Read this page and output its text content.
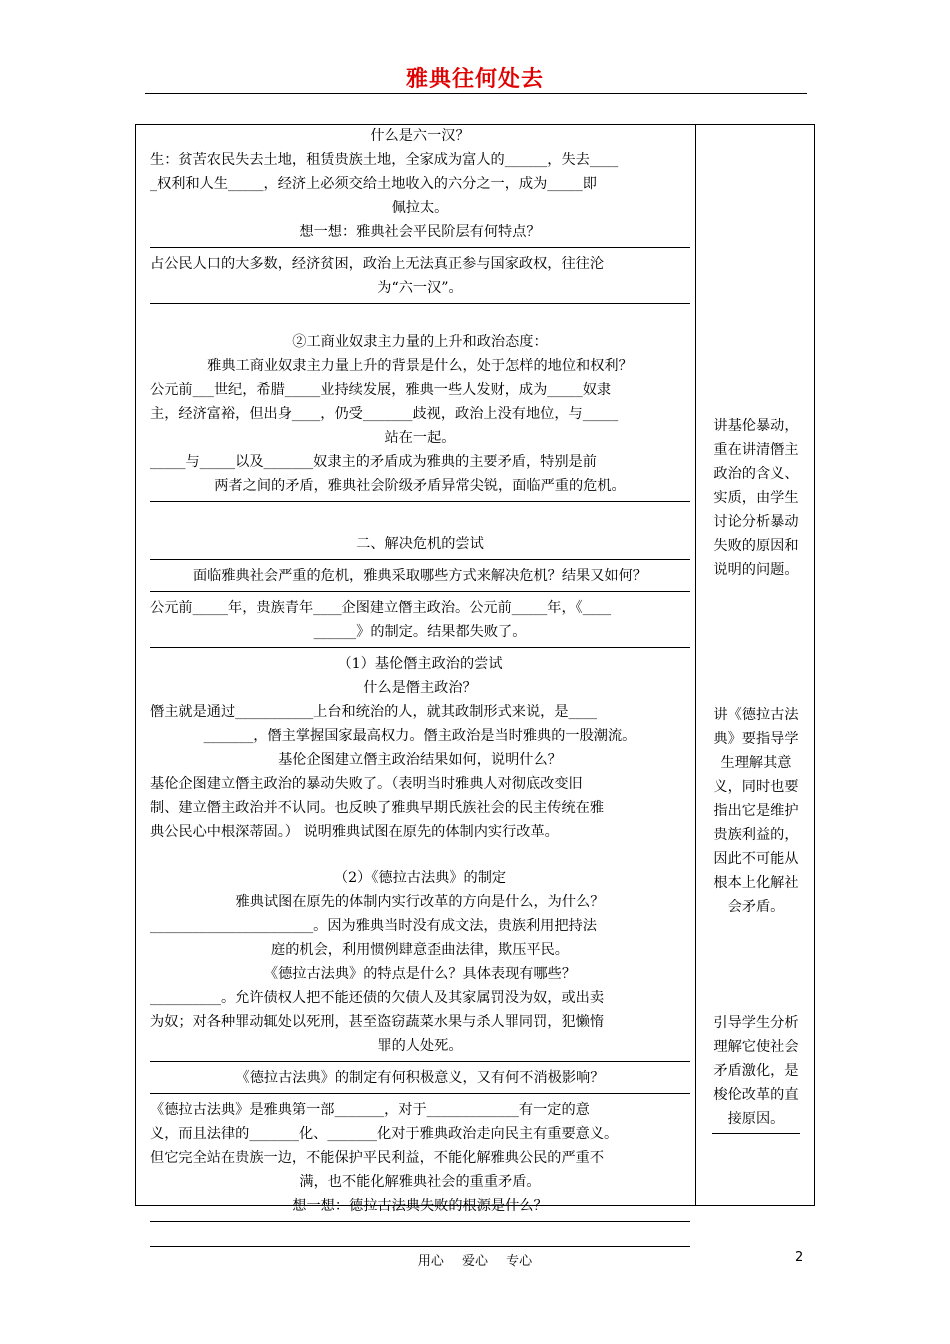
雅典往何处去
什么是六一汉？
生：贫苦农民失去土地，租赁贵族土地，全家成为富人的______，失去____
_权利和人生_____，经济上必须交给土地收入的六分之一，成为_____即
佩拉太。
想一想：雅典社会平民阶层有何特点？
占公民人口的大多数，经济贫困，政治上无法真正参与国家政权，往往沦
为“六一汉”。
②工商业奴隶主力量的上升和政治态度：
雅典工商业奴隶主力量上升的背景是什么，处于怎样的地位和权利？
公元前___世纪，希腊_____业持续发展，雅典一些人发财，成为_____奴隶
主，经济富裕，但出身____，仍受_______歧视，政治上没有地位，与_____
站在一起。
_____与_____以及_______奴隶主的矛盾成为雅典的主要矛盾，特别是前
两者之间的矛盾，雅典社会阶级矛盾异常尖锐，面临严重的危机。
二、解决危机的尝试
面临雅典社会严重的危机，雅典采取哪些方式来解决危机？结果又如何？
公元前_____年，贵族青年____企图建立僭主政治。公元前_____年，《____
______》的制定。结果都失败了。
（1）基伦僭主政治的尝试
什么是僭主政治？
僭主就是通过___________上台和统治的人，就其政制形式来说，是____
_______，僭主掌握国家最高权力。僭主政治是当时雅典的一股潮流。
基伦企图建立僭主政治结果如何，说明什么？
基伦企图建立僭主政治的暴动失败了。（表明当时雅典人对彻底改变旧
制、建立僭主政治并不认同。也反映了雅典早期氏族社会的民主传统在雅
典公民心中根深蒂固。） 说明雅典试图在原先的体制内实行改革。
（2）《德拉古法典》的制定
雅典试图在原先的体制内实行改革的方向是什么，为什么？
_______________________。因为雅典当时没有成文法，贵族利用把持法
庭的机会，利用惯例肆意歪曲法律，欺压平民。
《德拉古法典》的特点是什么？具体表现有哪些？
__________。允许债权人把不能还债的欠债人及其家属罚没为奴，或出卖
为奴；对各种罪动辄处以死刑，甚至盗窃蔬菜水果与杀人罪同罚，犯懒惰
罪的人处死。
《德拉古法典》的制定有何积极意义，又有何不消极影响？
《德拉古法典》是雅典第一部_______，对于_____________有一定的意
义，而且法律的_______化、_______化对于雅典政治走向民主有重要意义。
但它完全站在贵族一边，不能保护平民利益，不能化解雅典公民的严重不
满，也不能化解雅典社会的重重矛盾。
想一想：德拉古法典失败的根源是什么？
讲基伦暴动，
重在讲清僭主
政治的含义、
实质，由学生
讨论分析暴动
失败的原因和
说明的问题。
讲《德拉古法
典》要指导学
生理解其意
义，同时也要
指出它是维护
贵族利益的，
因此不可能从
根本上化解社
会矛盾。
引导学生分析
理解它使社会
矛盾激化，是
梭伦改革的直
接原因。
用心 爱心 专心	2
